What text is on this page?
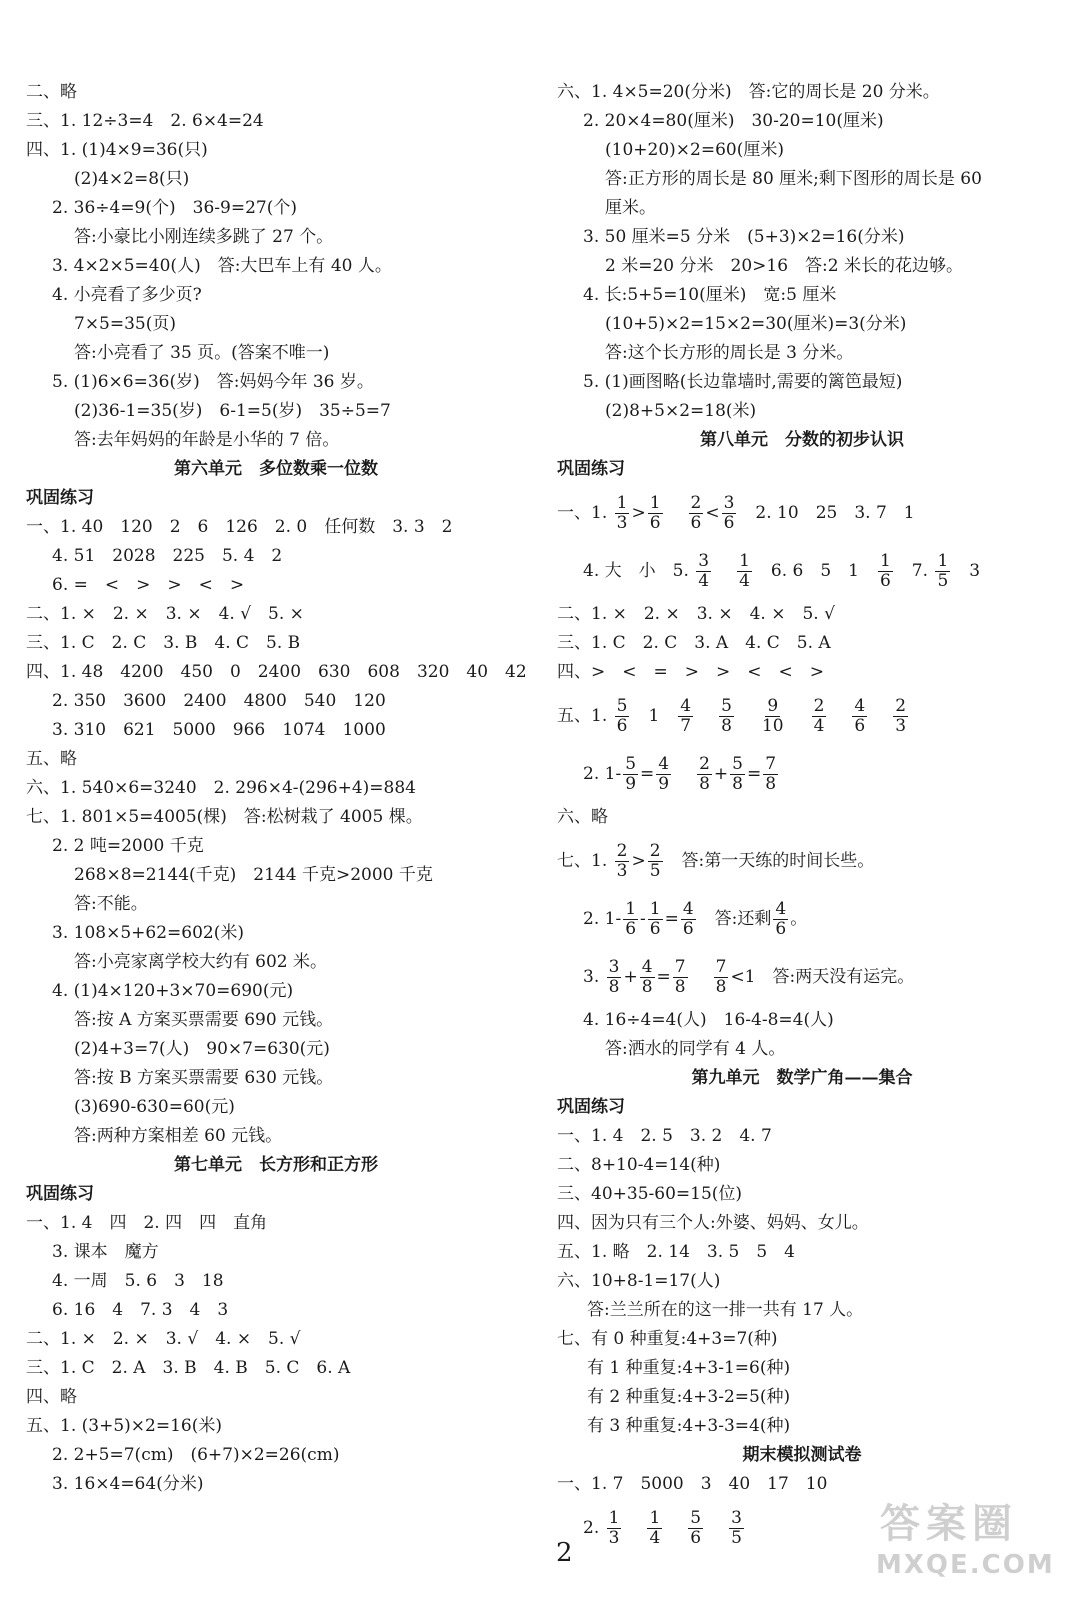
二、略
三、1. 12÷3=4　2. 6×4=24
四、1. (1)4×9=36(只)
(2)4×2=8(只)
2. 36÷4=9(个)　36-9=27(个)
答:小豪比小刚连续多跳了 27 个。
3. 4×2×5=40(人)　答:大巴车上有 40 人。
4. 小亮看了多少页?
7×5=35(页)
答:小亮看了 35 页。(答案不唯一)
5. (1)6×6=36(岁)　答:妈妈今年 36 岁。
(2)36-1=35(岁)　6-1=5(岁)　35÷5=7
答:去年妈妈的年龄是小华的 7 倍。
第六单元　多位数乘一位数
巩固练习
一、1. 40　120　2　6　126　2. 0　任何数　3. 3　2
4. 51　2028　225　5. 4　2
6. =　<　>　>　<　>
二、1. ×　2. ×　3. ×　4. √　5. ×
三、1. C　2. C　3. B　4. C　5. B
四、1. 48　4200　450　0　2400　630　608　320　40　42
2. 350　3600　2400　4800　540　120
3. 310　621　5000　966　1074　1000
五、略
六、1. 540×6=3240　2. 296×4-(296+4)=884
七、1. 801×5=4005(棵)　答:松树栽了 4005 棵。
2. 2 吨=2000 千克
268×8=2144(千克)　2144 千克>2000 千克
答:不能。
3. 108×5+62=602(米)
答:小亮家离学校大约有 602 米。
4. (1)4×120+3×70=690(元)
答:按 A 方案买票需要 690 元钱。
(2)4+3=7(人)　90×7=630(元)
答:按 B 方案买票需要 630 元钱。
(3)690-630=60(元)
答:两种方案相差 60 元钱。
第七单元　长方形和正方形
巩固练习
一、1. 4　四　2. 四　四　直角
3. 课本　魔方
4. 一周　5. 6　3　18
6. 16　4　7. 3　4　3
二、1. ×　2. ×　3. √　4. ×　5. √
三、1. C　2. A　3. B　4. B　5. C　6. A
四、略
五、1. (3+5)×2=16(米)
2. 2+5=7(cm)　(6+7)×2=26(cm)
3. 16×4=64(分米)
六、1. 4×5=20(分米)　答:它的周长是 20 分米。
2. 20×4=80(厘米)　30-20=10(厘米)
(10+20)×2=60(厘米)
答:正方形的周长是 80 厘米;剩下图形的周长是 60
厘米。
3. 50 厘米=5 分米　(5+3)×2=16(分米)
2 米=20 分米　20>16　答:2 米长的花边够。
4. 长:5+5=10(厘米)　宽:5 厘米
(10+5)×2=15×2=30(厘米)=3(分米)
答:这个长方形的周长是 3 分米。
5. (1)画图略(长边靠墙时,需要的篱笆最短)
(2)8+5×2=18(米)
第八单元　分数的初步认识
巩固练习
一、1. $\frac{1}{3} > \frac{1}{6} \frac{2}{6} < \frac{3}{6}$ 　2. 10　25　3. 7　1
4. 大　小　5. $\frac{3}{4} \frac{1}{4}$ 　6. 6　5　1　 $\frac{1}{6}$ 　7. $\frac{1}{5}$ 　3
二、1. ×　2. ×　3. ×　4. ×　5. √
三、1. C　2. C　3. A　4. C　5. A
四、>　<　=　>　>　<　<　>
五、1. $\frac{5}{6}$ 　1　 $\frac{4}{7} \frac{5}{8} \frac{9}{10} \frac{2}{4} \frac{4}{6} \frac{2}{3}$
2. $1- \frac{5}{9} = \frac{4}{9} \frac{2}{8} + \frac{5}{8} = \frac{7}{8}$
六、略
七、1. $\frac{2}{3} > \frac{2}{5}$ 　答:第一天练的时间长些。
2. $1- \frac{1}{6} - \frac{1}{6} = \frac{4}{6}$ 　答:还剩 $\frac{4}{6}$ 。
3. $\frac{3}{8} + \frac{4}{8} = \frac{7}{8} \frac{7}{8} <1$　答:两天没有运完。
4. 16÷4=4(人)　16-4-8=4(人)
答:洒水的同学有 4 人。
第九单元　数学广角——集合
巩固练习
一、1. 4　2. 5　3. 2　4. 7
二、8+10-4=14(种)
三、40+35-60=15(位)
四、因为只有三个人:外婆、妈妈、女儿。
五、1. 略　2. 14　3. 5　5　4
六、10+8-1=17(人)
答:兰兰所在的这一排一共有 17 人。
七、有 0 种重复:4+3=7(种)
有 1 种重复:4+3-1=6(种)
有 2 种重复:4+3-2=5(种)
有 3 种重复:4+3-3=4(种)
期末模拟测试卷
一、1. 7　5000　3　40　17　10
2. $\frac{1}{3} \frac{1}{4} \frac{5}{6} \frac{3}{5}$
2
答案圈
MXQE.COM
